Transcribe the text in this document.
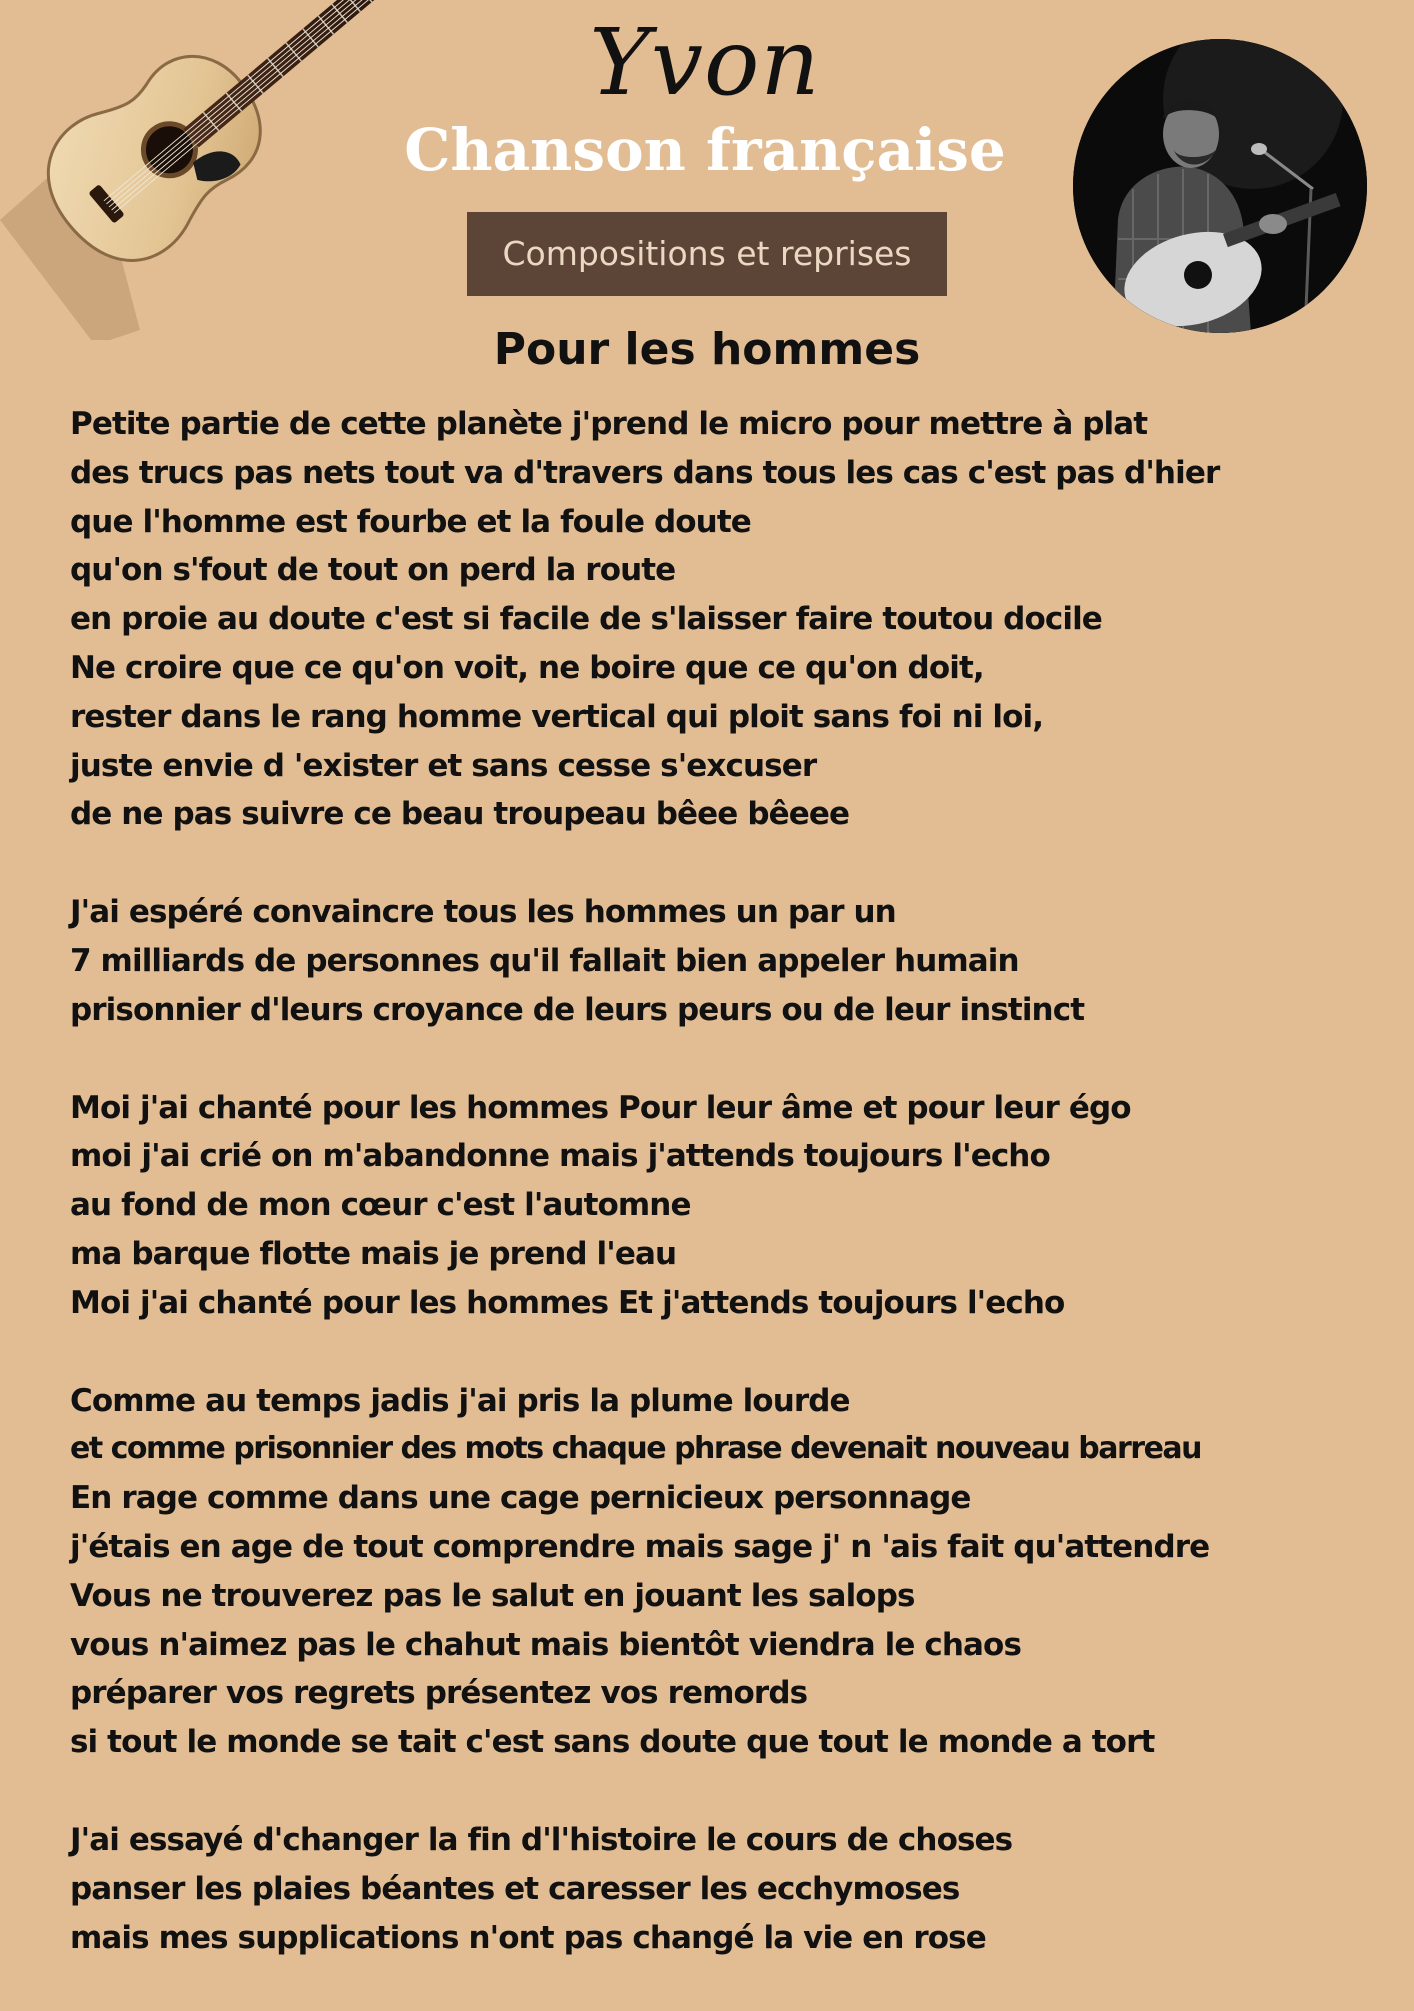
Yvon
Chanson française
Compositions et reprises
Pour les hommes
Petite partie de cette planète j'prend le micro pour mettre à plat
des trucs pas nets tout va d'travers dans tous les cas c'est pas d'hier
que l'homme est fourbe et la foule doute
qu'on s'fout de tout on perd la route
en proie au doute c'est si facile de s'laisser faire toutou docile
Ne croire que ce qu'on voit, ne boire que ce qu'on doit,
rester dans le rang homme vertical qui ploit sans foi ni loi,
juste envie d 'exister et sans cesse s'excuser
de ne pas suivre ce beau troupeau bêee bêeee
J'ai espéré convaincre tous les hommes un par un
7 milliards de personnes qu'il fallait bien appeler humain
prisonnier d'leurs croyance de leurs peurs ou de leur instinct
Moi j'ai chanté pour les hommes Pour leur âme et pour leur égo
moi j'ai crié on m'abandonne mais j'attends toujours l'echo
au fond de mon cœur c'est l'automne
ma barque flotte mais je prend l'eau
Moi j'ai chanté pour les hommes Et j'attends toujours l'echo
Comme au temps jadis j'ai pris la plume lourde
et comme prisonnier des mots chaque phrase devenait nouveau barreau
En rage comme dans une cage pernicieux personnage
j'étais en age de tout comprendre mais sage j' n 'ais fait qu'attendre
Vous ne trouverez pas le salut en jouant les salops
vous n'aimez pas le chahut mais bientôt viendra le chaos
préparer vos regrets présentez vos remords
si tout le monde se tait c'est sans doute que tout le monde a tort
J'ai essayé d'changer la fin d'l'histoire le cours de choses
panser les plaies béantes et caresser les ecchymoses
mais mes supplications n'ont pas changé la vie en rose
